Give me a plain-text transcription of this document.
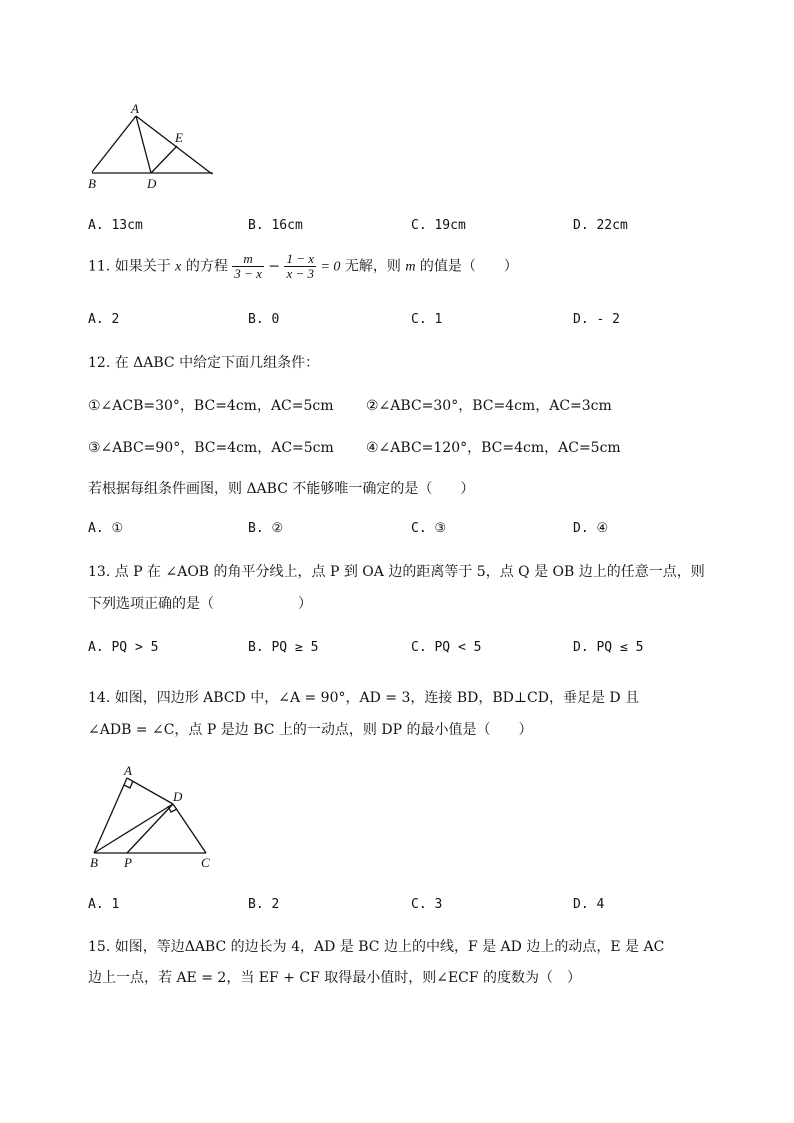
A
B	D
E
A. 13cm	B. 16cm	C. 19cm	D. 22cm
11. 如果关于 x 的方程 $\frac{m}{3 - x} - \frac{1 - x}{x - 3} = 0$ 无解，则 m 的值是（　　）
A. 2	B. 0	C. 1	D. - 2
12. 在 ΔABC 中给定下面几组条件：
①∠ACB=30°，BC=4cm，AC=5cm ②∠ABC=30°，BC=4cm，AC=3cm
③∠ABC=90°，BC=4cm，AC=5cm ④∠ABC=120°，BC=4cm，AC=5cm
若根据每组条件画图，则 ΔABC 不能够唯一确定的是（　　）
A. ①	B. ②	C. ③	D. ④
13. 点 P 在 ∠AOB 的角平分线上，点 P 到 OA 边的距离等于 5，点 Q 是 OB 边上的任意一点，则
下列选项正确的是（　　　　　　）
A. PQ > 5	B. PQ ≥ 5	C. PQ < 5	D. PQ ≤ 5
14. 如图，四边形 ABCD 中，∠A = 90°，AD = 3，连接 BD，BD⊥CD，垂足是 D 且
∠ADB = ∠C，点 P 是边 BC 上的一动点，则 DP 的最小值是（　　）
A
D
B P	C
A. 1	B. 2	C. 3	D. 4
15. 如图，等边ΔABC 的边长为 4，AD 是 BC 边上的中线，F 是 AD 边上的动点，E 是 AC
边上一点，若 AE = 2，当 EF + CF 取得最小值时，则∠ECF 的度数为（　）
